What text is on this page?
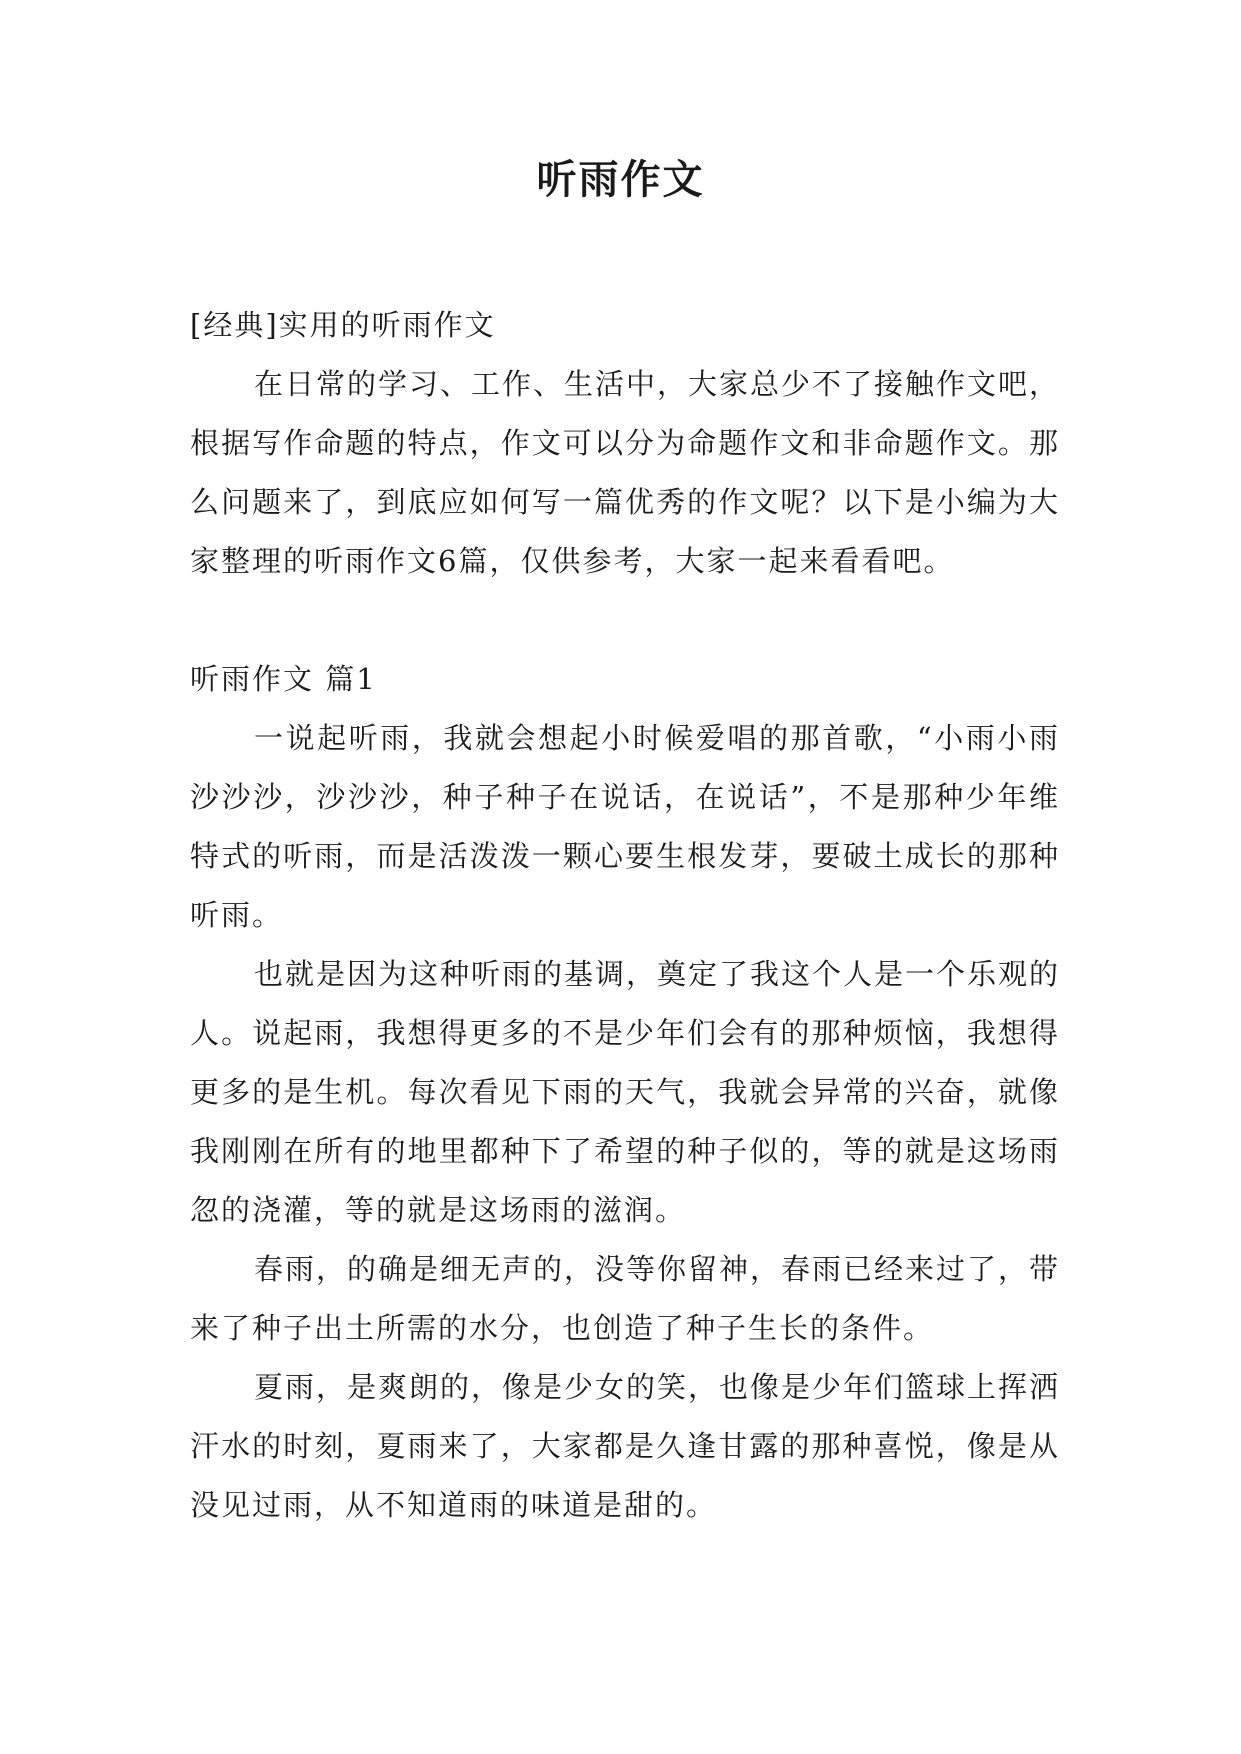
听雨作文

[经典]实用的听雨作文

在日常的学习、工作、生活中，大家总少不了接触作文吧，根据写作命题的特点，作文可以分为命题作文和非命题作文。那么问题来了，到底应如何写一篇优秀的作文呢？以下是小编为大家整理的听雨作文6篇，仅供参考，大家一起来看看吧。

听雨作文 篇1

一说起听雨，我就会想起小时候爱唱的那首歌，“小雨小雨沙沙沙，沙沙沙，种子种子在说话，在说话”，不是那种少年维特式的听雨，而是活泼泼一颗心要生根发芽，要破土成长的那种听雨。

也就是因为这种听雨的基调，奠定了我这个人是一个乐观的人。说起雨，我想得更多的不是少年们会有的那种烦恼，我想得更多的是生机。每次看见下雨的天气，我就会异常的兴奋，就像我刚刚在所有的地里都种下了希望的种子似的，等的就是这场雨忽的浇灌，等的就是这场雨的滋润。

春雨，的确是细无声的，没等你留神，春雨已经来过了，带来了种子出土所需的水分，也创造了种子生长的条件。

夏雨，是爽朗的，像是少女的笑，也像是少年们篮球上挥洒汗水的时刻，夏雨来了，大家都是久逢甘露的那种喜悦，像是从没见过雨，从不知道雨的味道是甜的。
